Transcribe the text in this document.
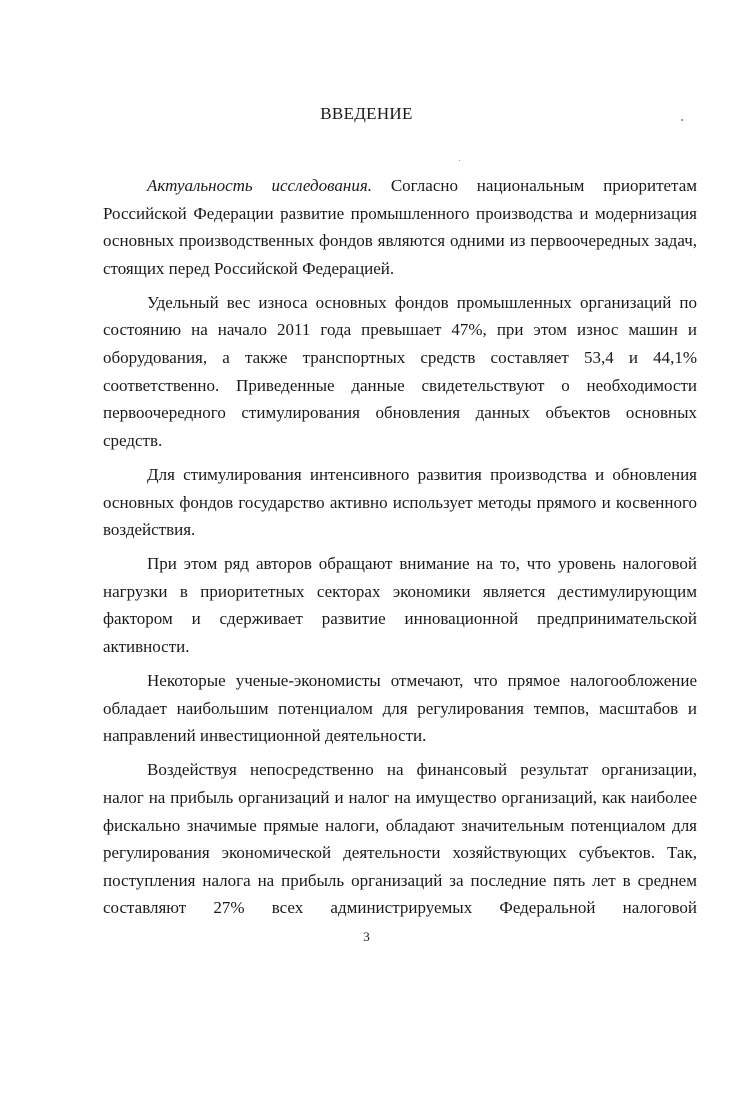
ВВЕДЕНИЕ

Актуальность исследования. Согласно национальным приоритетам Российской Федерации развитие промышленного производства и модернизация основных производственных фондов являются одними из первоочередных задач, стоящих перед Российской Федерацией.

Удельный вес износа основных фондов промышленных организаций по состоянию на начало 2011 года превышает 47%, при этом износ машин и оборудования, а также транспортных средств составляет 53,4 и 44,1% соответственно. Приведенные данные свидетельствуют о необходимости первоочередного стимулирования обновления данных объектов основных средств.

Для стимулирования интенсивного развития производства и обновления основных фондов государство активно использует методы прямого и косвенного воздействия.

При этом ряд авторов обращают внимание на то, что уровень налоговой нагрузки в приоритетных секторах экономики является дестимулирующим фактором и сдерживает развитие инновационной предпринимательской активности.

Некоторые ученые-экономисты отмечают, что прямое налогообложение обладает наибольшим потенциалом для регулирования темпов, масштабов и направлений инвестиционной деятельности.

Воздействуя непосредственно на финансовый результат организации, налог на прибыль организаций и налог на имущество организаций, как наиболее фискально значимые прямые налоги, обладают значительным потенциалом для регулирования экономической деятельности хозяйствующих субъектов. Так, поступления налога на прибыль организаций за последние пять лет в среднем составляют 27% всех администрируемых Федеральной налоговой

3
